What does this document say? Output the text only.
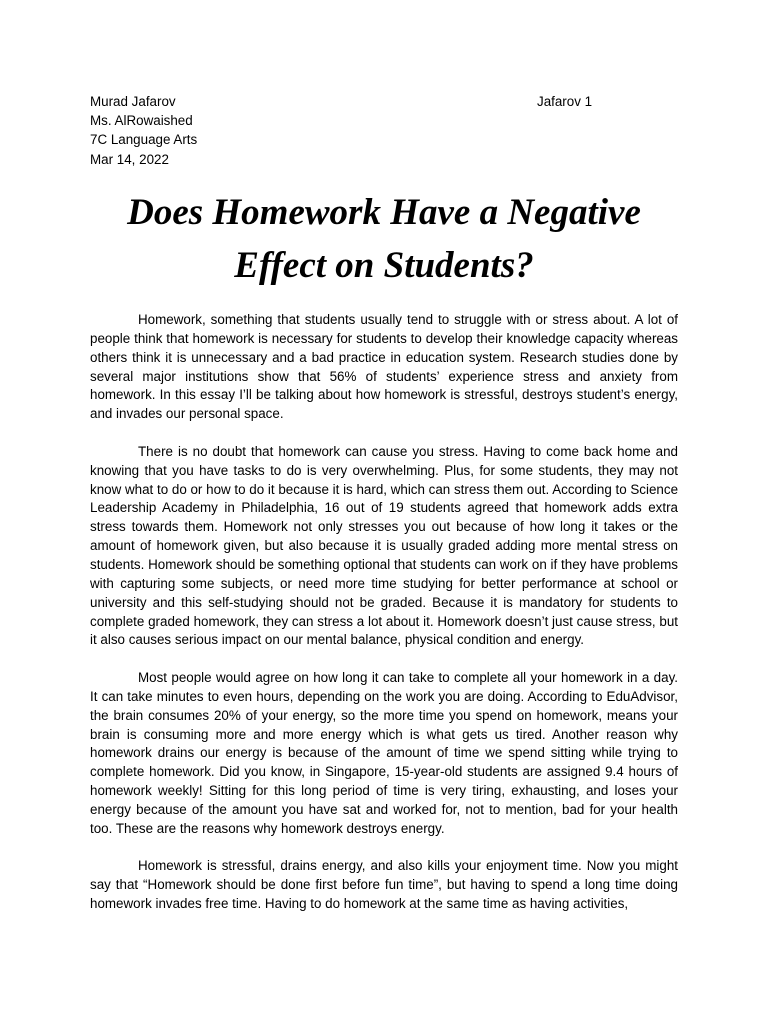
Murad Jafarov
Ms. AlRowaished
7C Language Arts
Mar 14, 2022
Jafarov 1
Does Homework Have a Negative Effect on Students?

Homework, something that students usually tend to struggle with or stress about. A lot of people think that homework is necessary for students to develop their knowledge capacity whereas others think it is unnecessary and a bad practice in education system. Research studies done by several major institutions show that 56% of students’ experience stress and anxiety from homework. In this essay I’ll be talking about how homework is stressful, destroys student’s energy, and invades our personal space.

There is no doubt that homework can cause you stress. Having to come back home and knowing that you have tasks to do is very overwhelming. Plus, for some students, they may not know what to do or how to do it because it is hard, which can stress them out. According to Science Leadership Academy in Philadelphia, 16 out of 19 students agreed that homework adds extra stress towards them. Homework not only stresses you out because of how long it takes or the amount of homework given, but also because it is usually graded adding more mental stress on students. Homework should be something optional that students can work on if they have problems with capturing some subjects, or need more time studying for better performance at school or university and this self-studying should not be graded. Because it is mandatory for students to complete graded homework, they can stress a lot about it. Homework doesn’t just cause stress, but it also causes serious impact on our mental balance, physical condition and energy.

Most people would agree on how long it can take to complete all your homework in a day. It can take minutes to even hours, depending on the work you are doing. According to EduAdvisor, the brain consumes 20% of your energy, so the more time you spend on homework, means your brain is consuming more and more energy which is what gets us tired. Another reason why homework drains our energy is because of the amount of time we spend sitting while trying to complete homework. Did you know, in Singapore, 15-year-old students are assigned 9.4 hours of homework weekly! Sitting for this long period of time is very tiring, exhausting, and loses your energy because of the amount you have sat and worked for, not to mention, bad for your health too. These are the reasons why homework destroys energy.

Homework is stressful, drains energy, and also kills your enjoyment time. Now you might say that “Homework should be done first before fun time”, but having to spend a long time doing homework invades free time. Having to do homework at the same time as having activities,
